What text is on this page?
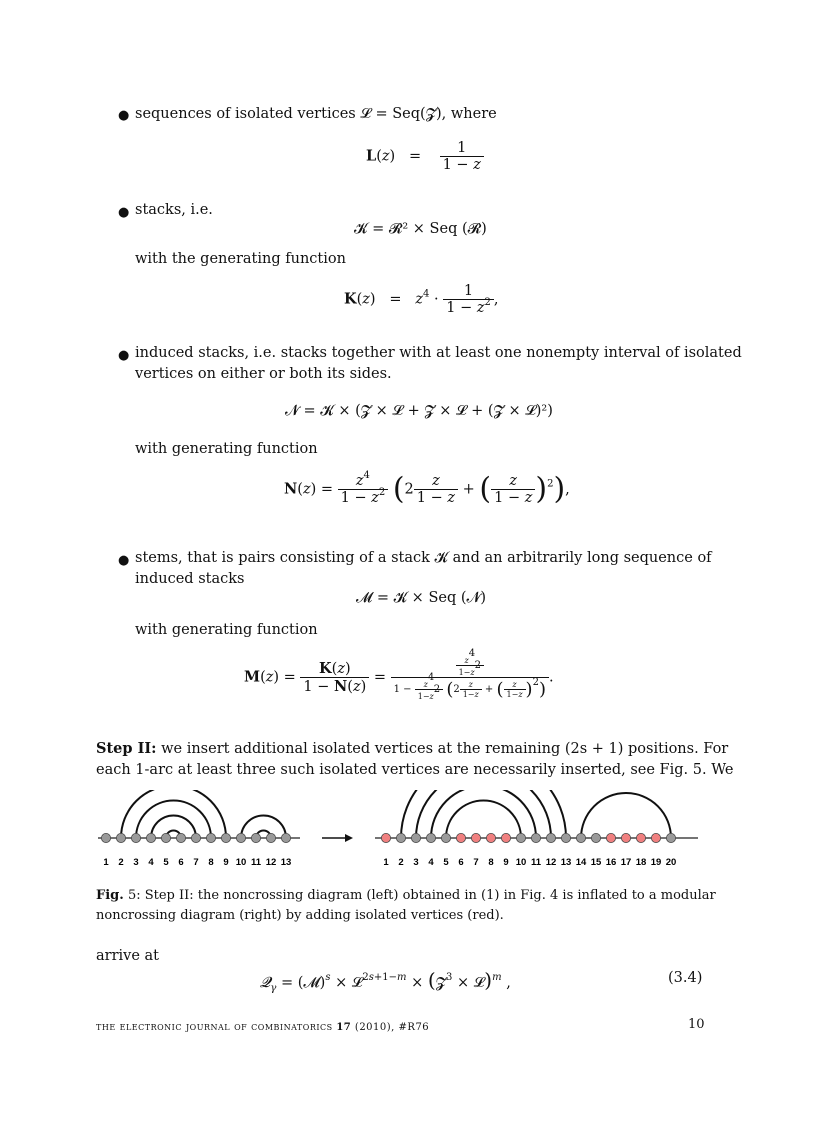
● sequences of isolated vertices 𝓛 = Seq(𝓩), where
$L(z) = \frac{1}{1 - z}$
● stacks, i.e.
𝓚 = 𝓡² × Seq (𝓡)
with the generating function
$K(z) = z^4 \cdot \frac{1}{1 - z^2}$ ,
● induced stacks, i.e. stacks together with at least one nonempty interval of isolated
vertices on either or both its sides.
𝓝 = 𝓚 × (𝓩 × 𝓛 + 𝓩 × 𝓛 + (𝓩 × 𝓛)²)
with generating function
$N(z) = \frac{z^4}{1 - z^2} (2 \frac{z}{1 - z}$ + ( $\frac{z}{1 - z} )^2$),
● stems, that is pairs consisting of a stack 𝓚 and an arbitrarily long sequence of
induced stacks
𝓜 = 𝓚 × Seq (𝓝)
with generating function
$M(z) = \frac{K(z)}{1 - N(z)} = \frac{\frac{z^4}{1-z^2}}{1 - \frac{z^4}{1-z^2} (2 \frac{z}{1-z} + ( \frac{z}{1-z} )^2)}$ .
Step II: we insert additional isolated vertices at the remaining (2s + 1) positions. For
each 1-arc at least three such isolated vertices are necessarily inserted, see Fig. 5. We
1 2 3 4 5 6 7 8 9 10 11 12 13	1 2 3 4 5 6 7 8 9 10 11 12 13 14 15 16 17 18 19 20
Fig. 5: Step II: the noncrossing diagram (left) obtained in (1) in Fig. 4 is inflated to a modular
noncrossing diagram (right) by adding isolated vertices (red).
arrive at
𝓠$_\gamma$ = (𝓜)$^s$ × 𝓛$^{2s+1-m}$ × (𝓩$^3$ × 𝓛)$^m$ ,	(3.4)
the electronic journal of combinatorics 17 (2010), #R76	10
